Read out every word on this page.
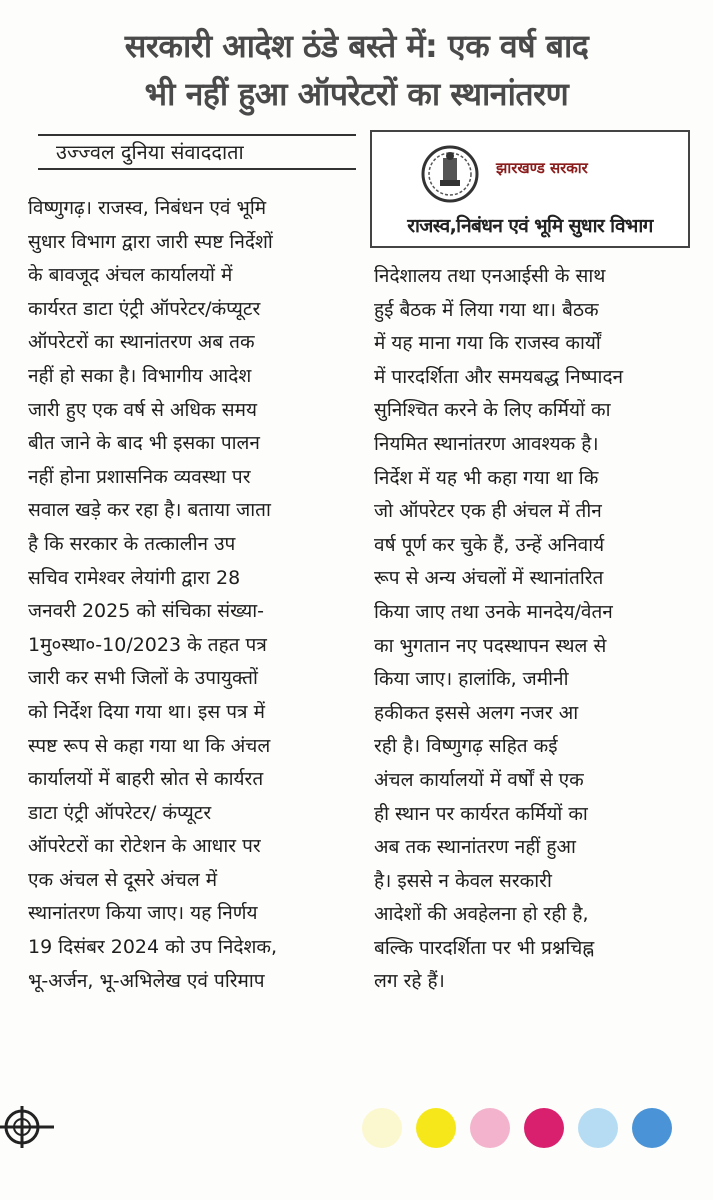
सरकारी आदेश ठंडे बस्ते में: एक वर्ष बाद
भी नहीं हुआ ऑपरेटरों का स्थानांतरण
उज्ज्वल दुनिया संवाददाता
झारखण्ड सरकार
राजस्व,निबंधन एवं भूमि सुधार विभाग
विष्णुगढ़। राजस्व, निबंधन एवं भूमि
सुधार विभाग द्वारा जारी स्पष्ट निर्देशों
के बावजूद अंचल कार्यालयों में
कार्यरत डाटा एंट्री ऑपरेटर/कंप्यूटर
ऑपरेटरों का स्थानांतरण अब तक
नहीं हो सका है। विभागीय आदेश
जारी हुए एक वर्ष से अधिक समय
बीत जाने के बाद भी इसका पालन
नहीं होना प्रशासनिक व्यवस्था पर
सवाल खड़े कर रहा है। बताया जाता
है कि सरकार के तत्कालीन उप
सचिव रामेश्वर लेयांगी द्वारा 28
जनवरी 2025 को संचिका संख्या-
1मु०स्था०-10/2023 के तहत पत्र
जारी कर सभी जिलों के उपायुक्तों
को निर्देश दिया गया था। इस पत्र में
स्पष्ट रूप से कहा गया था कि अंचल
कार्यालयों में बाहरी स्रोत से कार्यरत
डाटा एंट्री ऑपरेटर/ कंप्यूटर
ऑपरेटरों का रोटेशन के आधार पर
एक अंचल से दूसरे अंचल में
स्थानांतरण किया जाए। यह निर्णय
19 दिसंबर 2024 को उप निदेशक,
भू-अर्जन, भू-अभिलेख एवं परिमाप
निदेशालय तथा एनआईसी के साथ
हुई बैठक में लिया गया था। बैठक
में यह माना गया कि राजस्व कार्यों
में पारदर्शिता और समयबद्ध निष्पादन
सुनिश्चित करने के लिए कर्मियों का
नियमित स्थानांतरण आवश्यक है।
निर्देश में यह भी कहा गया था कि
जो ऑपरेटर एक ही अंचल में तीन
वर्ष पूर्ण कर चुके हैं, उन्हें अनिवार्य
रूप से अन्य अंचलों में स्थानांतरित
किया जाए तथा उनके मानदेय/वेतन
का भुगतान नए पदस्थापन स्थल से
किया जाए। हालांकि, जमीनी
हकीकत इससे अलग नजर आ
रही है। विष्णुगढ़ सहित कई
अंचल कार्यालयों में वर्षों से एक
ही स्थान पर कार्यरत कर्मियों का
अब तक स्थानांतरण नहीं हुआ
है। इससे न केवल सरकारी
आदेशों की अवहेलना हो रही है,
बल्कि पारदर्शिता पर भी प्रश्नचिह्न
लग रहे हैं।
